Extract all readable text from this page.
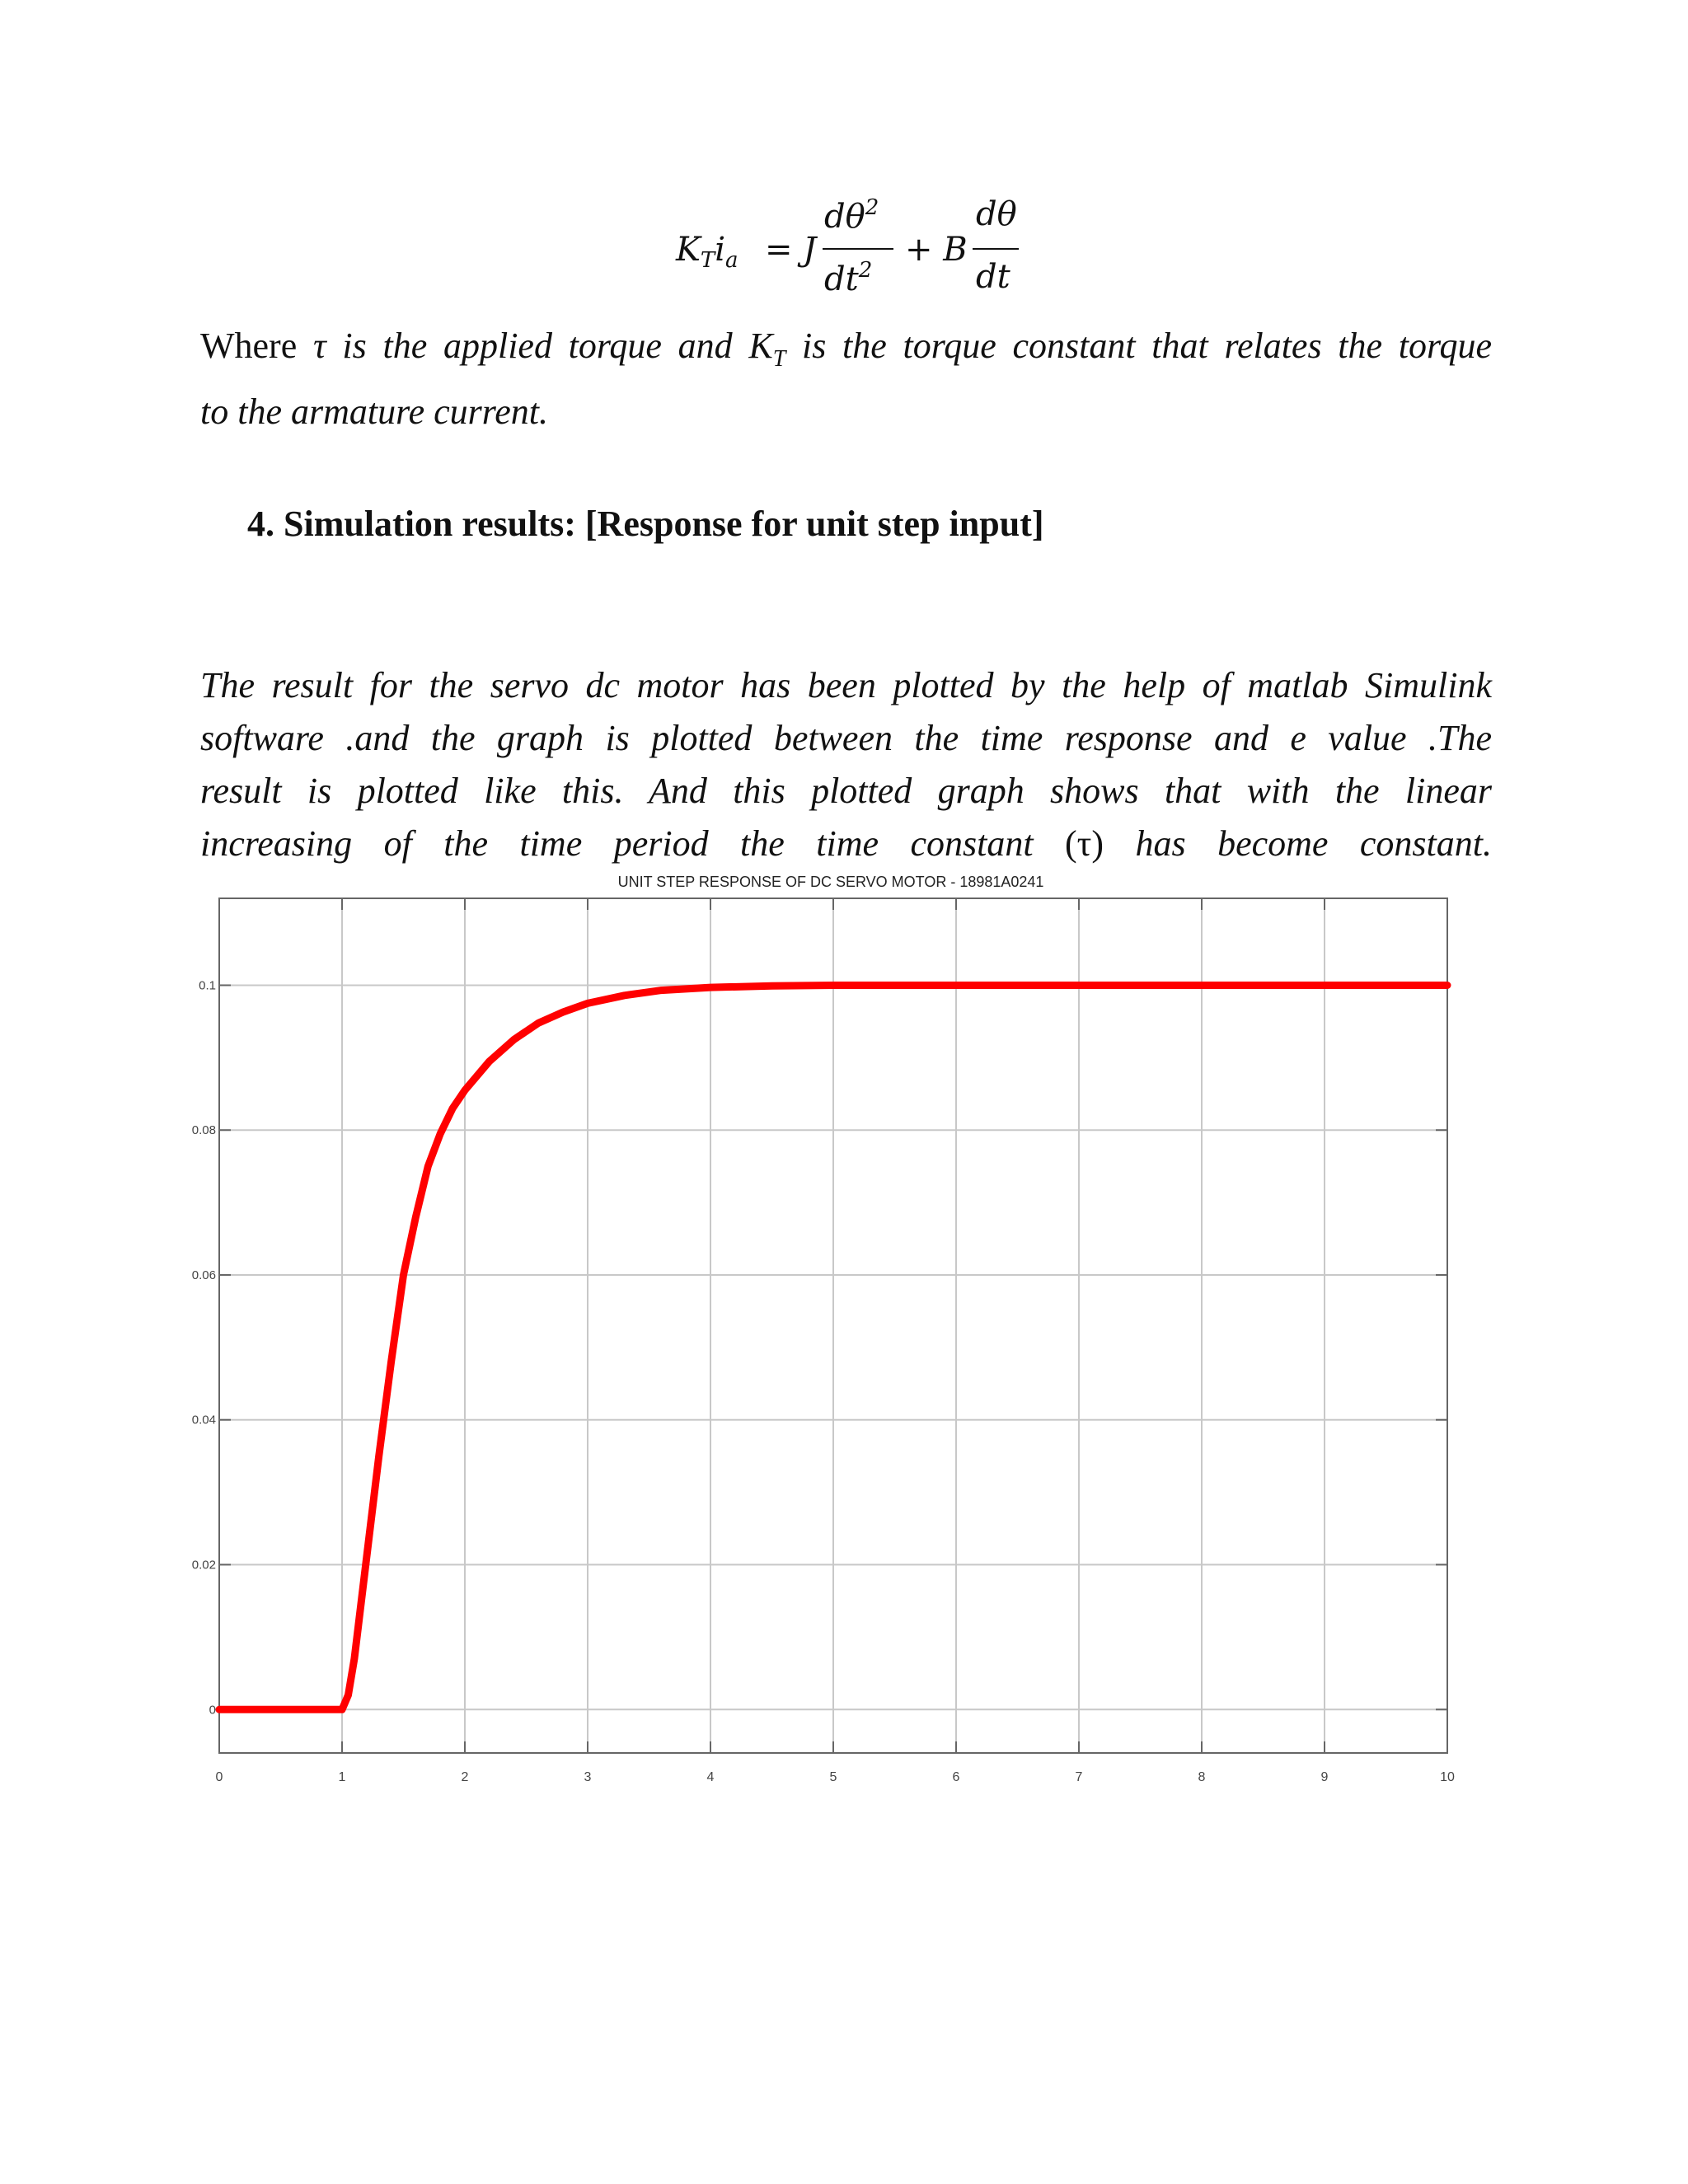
$K_Ti_a = J$
$d\theta^2$
$dt^2$
+ B
dθ
dt
Where τ is the applied torque and $K_T$ is the torque constant that relates the torque
to the armature current.
4. Simulation results: [Response for unit step input]
The result for the servo dc motor has been plotted by the help of matlab Simulink
software .and the graph is plotted between the time response and e value .The
result is plotted like this. And this plotted graph shows that with the linear
increasing of the time period the time constant (τ) has become constant.
UNIT STEP RESPONSE OF DC SERVO MOTOR - 18981A0241
0	1	2	3	4	5	6	7	8	9	10
0
0.02
0.04
0.06
0.08
0.1
